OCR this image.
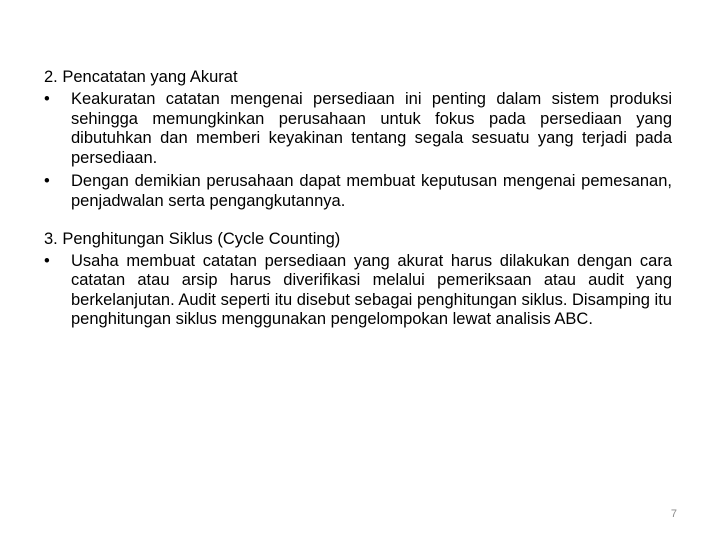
2. Pencatatan yang Akurat
• Keakuratan catatan mengenai persediaan ini penting dalam sistem produksi sehingga memungkinkan perusahaan untuk fokus pada persediaan yang dibutuhkan dan memberi keyakinan tentang segala sesuatu yang terjadi pada persediaan.
• Dengan demikian perusahaan dapat membuat keputusan mengenai pemesanan, penjadwalan serta pengangkutannya.
3. Penghitungan Siklus (Cycle Counting)
• Usaha membuat catatan persediaan yang akurat harus dilakukan dengan cara catatan atau arsip harus diverifikasi melalui pemeriksaan atau audit yang berkelanjutan. Audit seperti itu disebut sebagai penghitungan siklus. Disamping itu penghitungan siklus menggunakan pengelompokan lewat analisis ABC.
7
